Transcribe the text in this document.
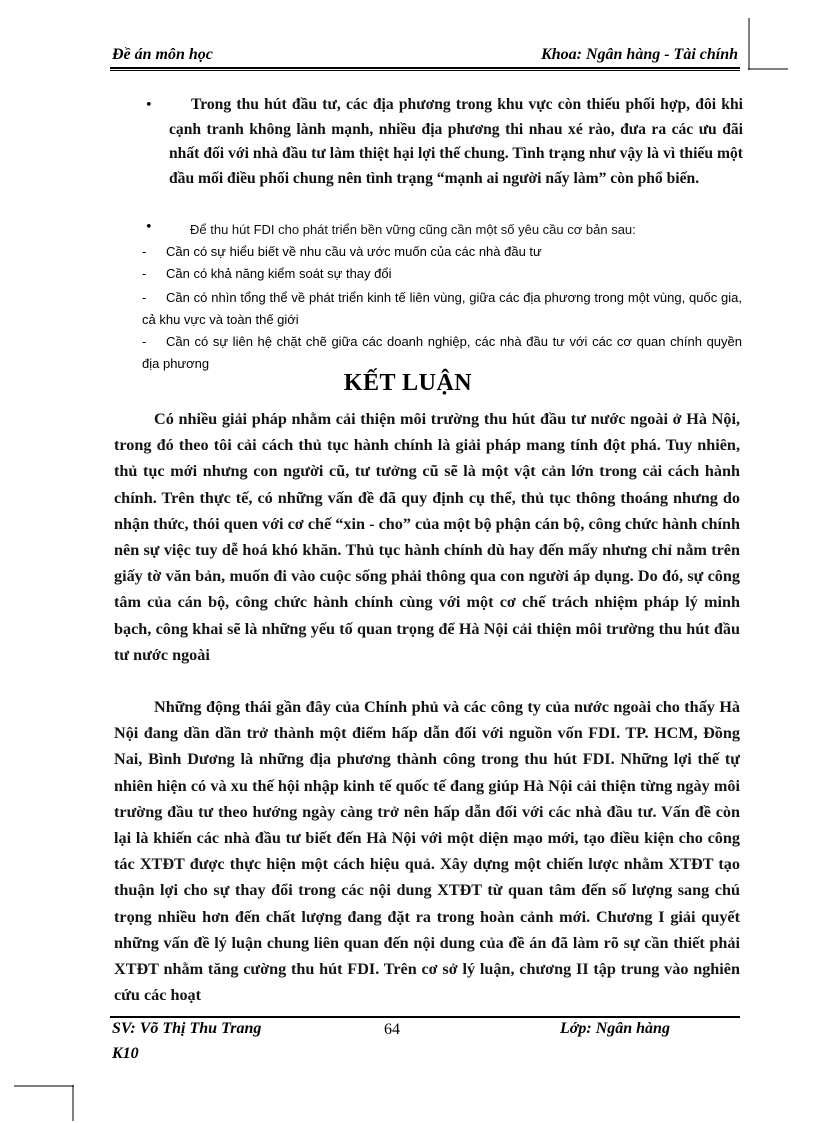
Đề án môn học	Khoa: Ngân hàng - Tài chính
•	Trong thu hút đầu tư, các địa phương trong khu vực còn thiếu phối hợp, đôi khi cạnh tranh không lành mạnh, nhiều địa phương thi nhau xé rào, đưa ra các ưu đãi nhất đối với nhà đầu tư làm thiệt hại lợi thế chung. Tình trạng như vậy là vì thiếu một đầu mối điều phối chung nên tình trạng “mạnh ai người nấy làm” còn phổ biến.
•	Để thu hút FDI cho phát triển bền vững cũng cần một số yêu cầu cơ bản sau:
- Cần có sự hiểu biết về nhu cầu và ước muốn của các nhà đầu tư
- Cần có khả năng kiểm soát sự thay đổi
- Cần có nhìn tổng thể về phát triển kinh tế liên vùng, giữa các địa phương trong một vùng, quốc gia, cả khu vực và toàn thế giới
- Cần có sự liên hệ chặt chẽ giữa các doanh nghiệp, các nhà đầu tư với các cơ quan chính quyền địa phương
KẾT LUẬN
Có nhiều giải pháp nhằm cải thiện môi trường thu hút đầu tư nước ngoài ở Hà Nội, trong đó theo tôi cải cách thủ tục hành chính là giải pháp mang tính đột phá. Tuy nhiên, thủ tục mới nhưng con người cũ, tư tưởng cũ sẽ là một vật cản lớn trong cải cách hành chính. Trên thực tế, có những vấn đề đã quy định cụ thể, thủ tục thông thoáng nhưng do nhận thức, thói quen với cơ chế “xin - cho” của một bộ phận cán bộ, công chức hành chính nên sự việc tuy dễ hoá khó khăn. Thủ tục hành chính dù hay đến mấy nhưng chỉ nằm trên giấy tờ văn bản, muốn đi vào cuộc sống phải thông qua con người áp dụng. Do đó, sự công tâm của cán bộ, công chức hành chính cùng với một cơ chế trách nhiệm pháp lý minh bạch, công khai sẽ là những yếu tố quan trọng để Hà Nội cải thiện môi trường thu hút đầu tư nước ngoài
Những động thái gần đây của Chính phủ và các công ty của nước ngoài cho thấy Hà Nội đang dần dần trở thành một điểm hấp dẫn đối với nguồn vốn FDI. TP. HCM, Đồng Nai, Bình Dương là những địa phương thành công trong thu hút FDI. Những lợi thế tự nhiên hiện có và xu thế hội nhập kinh tế quốc tế đang giúp Hà Nội cải thiện từng ngày môi trường đầu tư theo hướng ngày càng trở nên hấp dẫn đối với các nhà đầu tư. Vấn đề còn lại là khiến các nhà đầu tư biết đến Hà Nội với một diện mạo mới, tạo điều kiện cho công tác XTĐT được thực hiện một cách hiệu quả. Xây dựng một chiến lược nhằm XTĐT tạo thuận lợi cho sự thay đổi trong các nội dung XTĐT từ quan tâm đến số lượng sang chú trọng nhiều hơn đến chất lượng đang đặt ra trong hoàn cảnh mới. Chương I giải quyết những vấn đề lý luận chung liên quan đến nội dung của đề án đã làm rõ sự cần thiết phải XTĐT nhằm tăng cường thu hút FDI. Trên cơ sở lý luận, chương II tập trung vào nghiên cứu các hoạt
SV: Võ Thị Thu Trang
K10
64	Lớp: Ngân hàng
